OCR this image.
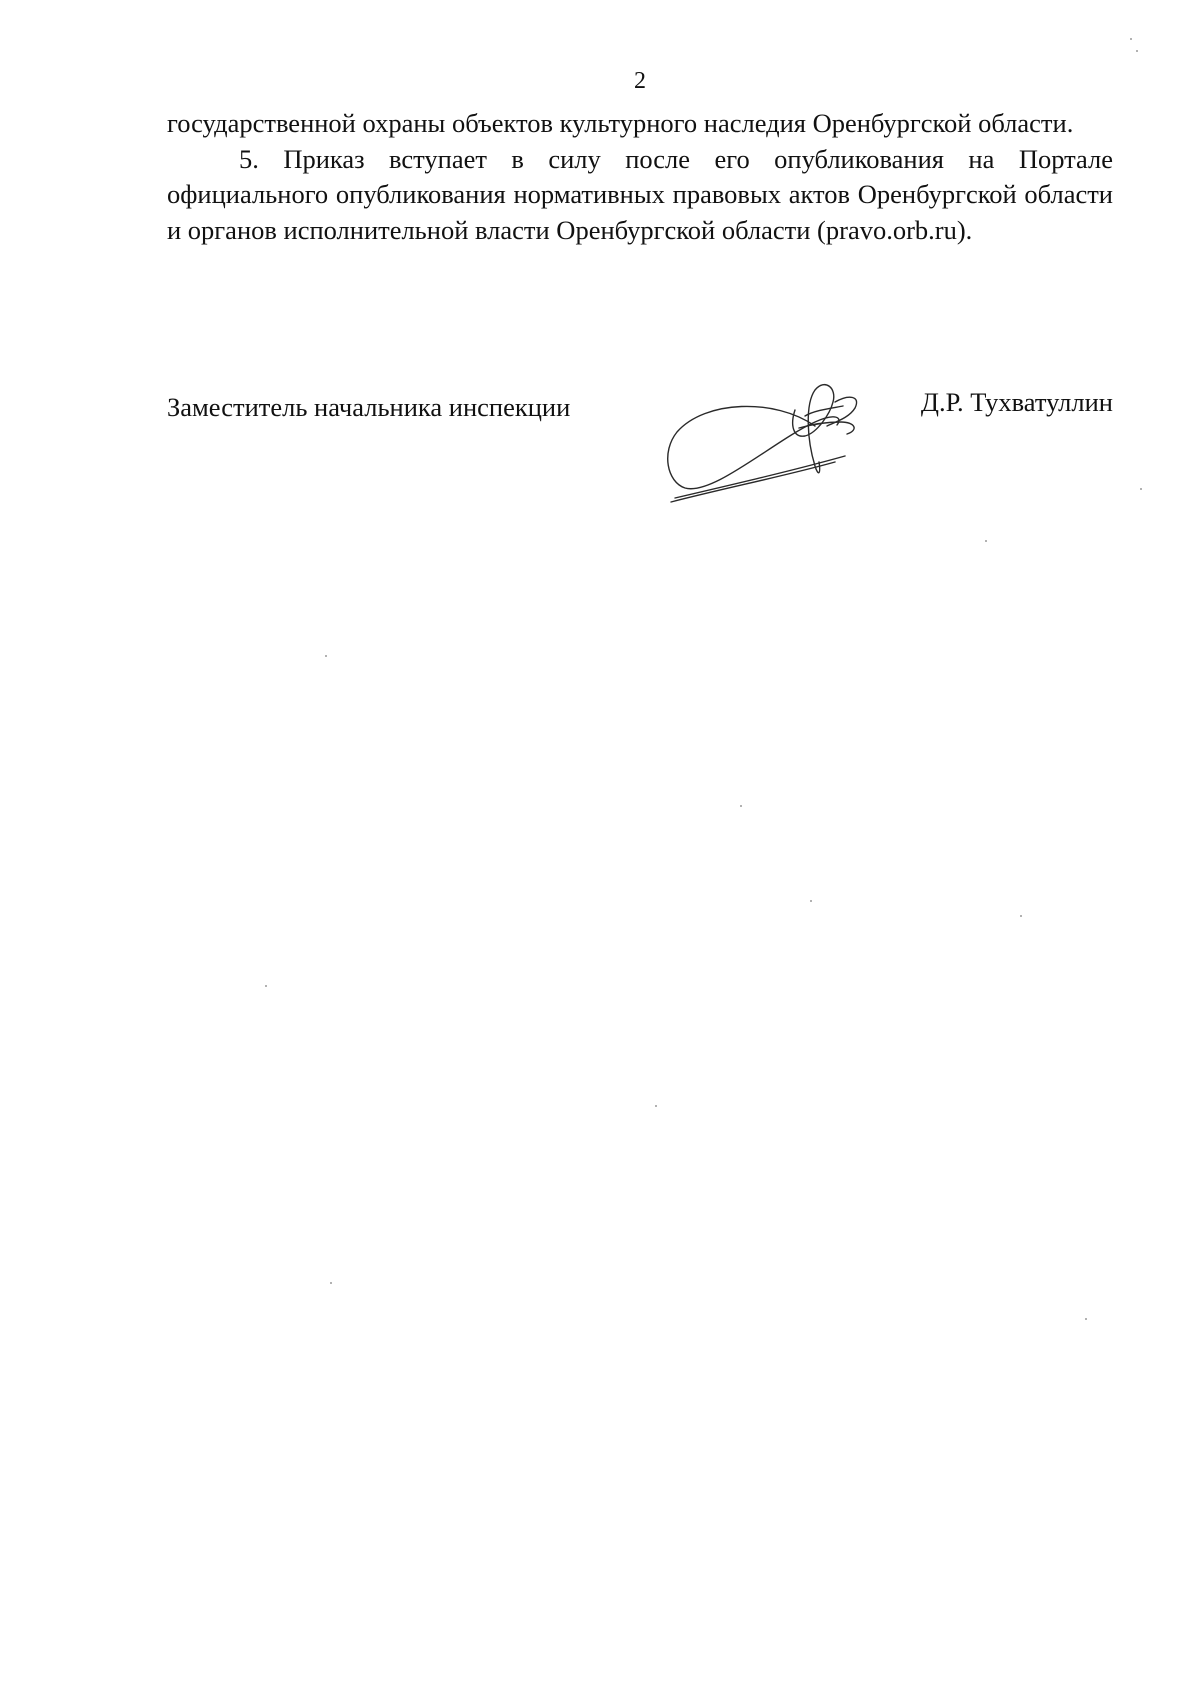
2

государственной охраны объектов культурного наследия Оренбургской области.

5. Приказ вступает в силу после его опубликования на Портале официального опубликования нормативных правовых актов Оренбургской области и органов исполнительной власти Оренбургской области (pravo.orb.ru).

Заместитель начальника инспекции	Д.Р. Тухватуллин
